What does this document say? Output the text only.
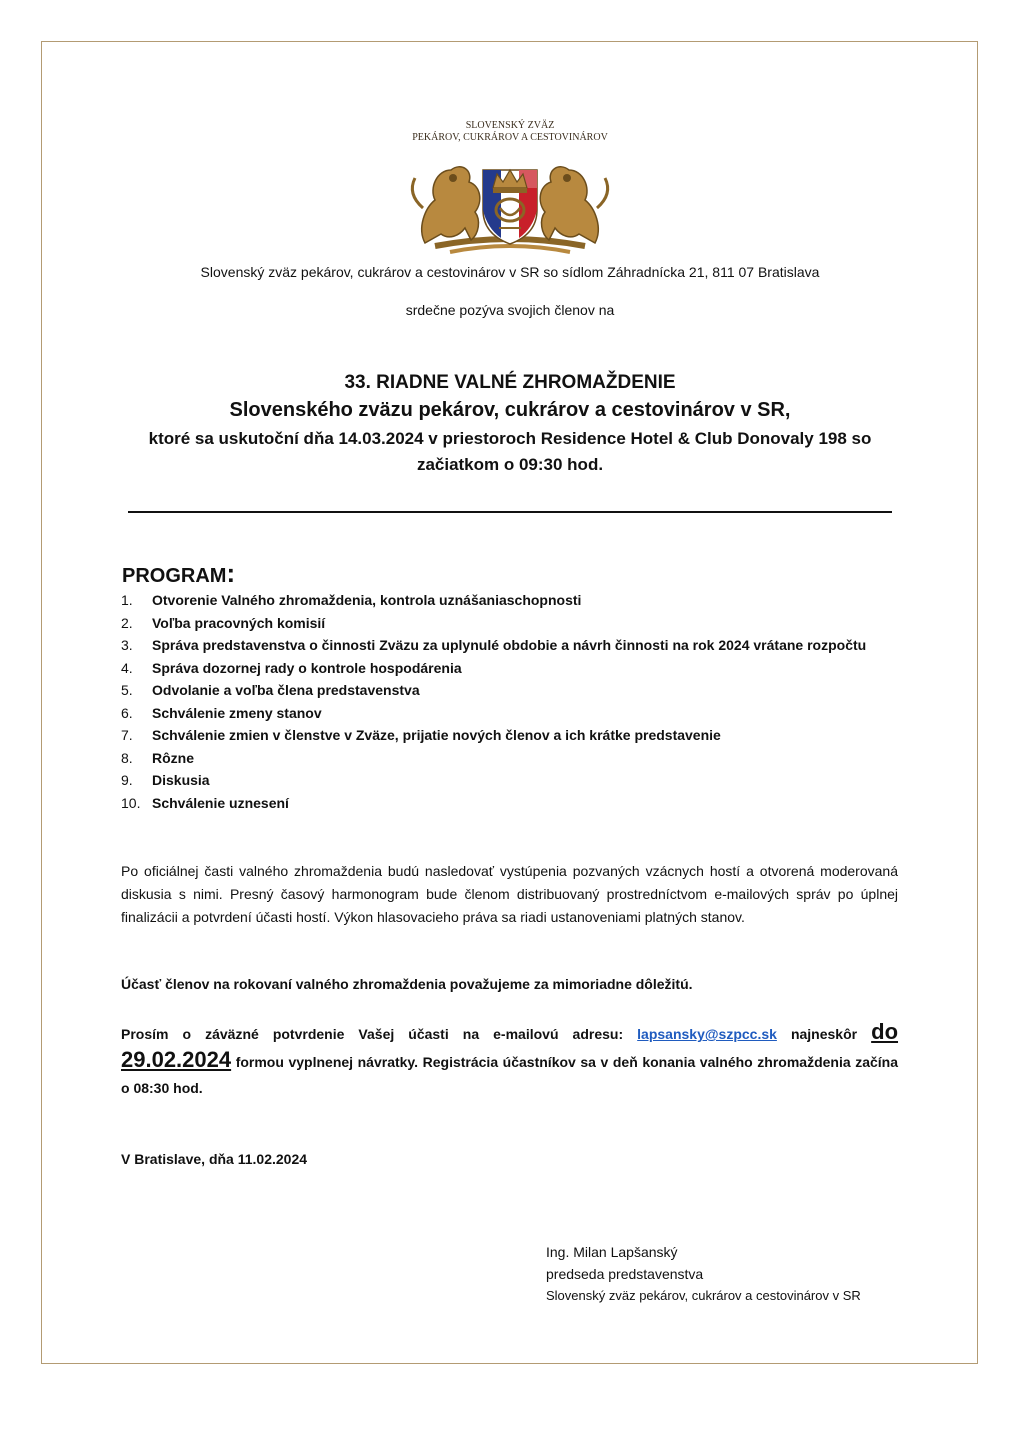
SLOVENSKÝ ZVÄZ
PEKÁROV, CUKRÁROV A CESTOVINÁROV
Slovenský zväz pekárov, cukrárov a cestovinárov v SR so sídlom Záhradnícka 21, 811 07 Bratislava
srdečne pozýva svojich členov na
33. RIADNE VALNÉ ZHROMAŽDENIE
Slovenského zväzu pekárov, cukrárov a cestovinárov v SR,
ktoré sa uskutoční dňa 14.03.2024 v priestoroch Residence Hotel & Club Donovaly 198 so začiatkom o 09:30 hod.
PROGRAM:
1. Otvorenie Valného zhromaždenia, kontrola uznášaniaschopnosti
2. Voľba pracovných komisií
3. Správa predstavenstva o činnosti Zväzu za uplynulé obdobie a návrh činnosti na rok 2024 vrátane rozpočtu
4. Správa dozornej rady o kontrole hospodárenia
5. Odvolanie a voľba člena predstavenstva
6. Schválenie zmeny stanov
7. Schválenie zmien v členstve v Zväze, prijatie nových členov a ich krátke predstavenie
8. Rôzne
9. Diskusia
10. Schválenie uznesení
Po oficiálnej časti valného zhromaždenia budú nasledovať vystúpenia pozvaných vzácnych hostí a otvorená moderovaná diskusia s nimi. Presný časový harmonogram bude členom distribuovaný prostredníctvom e-mailových správ po úplnej finalizácii a potvrdení účasti hostí. Výkon hlasovacieho práva sa riadi ustanoveniami platných stanov.
Účasť členov na rokovaní valného zhromaždenia považujeme za mimoriadne dôležitú.
Prosím o záväzné potvrdenie Vašej účasti na e-mailovú adresu: lapsansky@szpcc.sk najneskôr do 29.02.2024 formou vyplnenej návratky. Registrácia účastníkov sa v deň konania valného zhromaždenia začína o 08:30 hod.
V Bratislave, dňa 11.02.2024
Ing. Milan Lapšanský
predseda predstavenstva
Slovenský zväz pekárov, cukrárov a cestovinárov v SR
